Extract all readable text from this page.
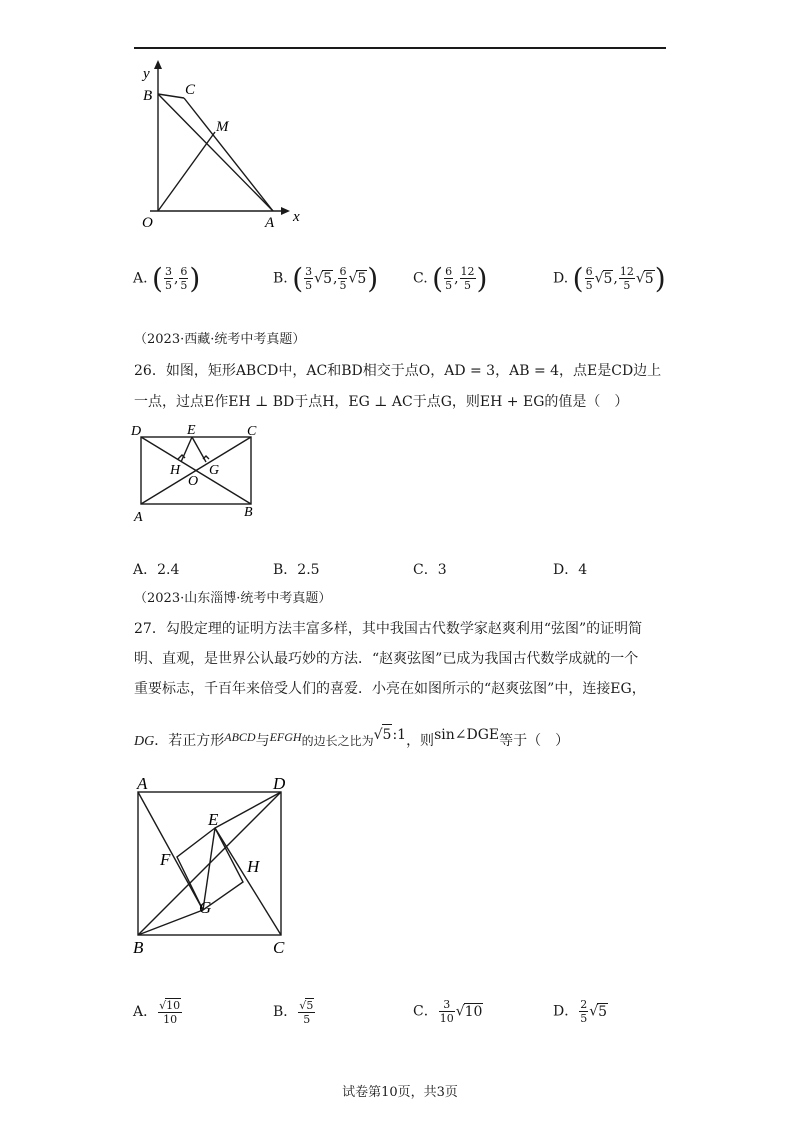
y
x
B C
M
O	A
A. ( $\frac{3}{5}$ , $\frac{6}{5}$ )	B. ( $\frac{3}{5} √5$, $\frac{6}{5} √5$) C. ( $\frac{6}{5}$ , $\frac{12}{5}$ )	D. ( $\frac{6}{5} √5$, $\frac{12}{5} √5$)
（2023·西藏·统考中考真题）
26．如图，矩形ABCD中，AC和BD相交于点O，AD = 3，AB = 4，点E是CD边上
一点，过点E作EH ⊥ BD于点H，EG ⊥ AC于点G，则EH + EG的值是（　）
D	E	C
H G
O
A	B
A．2.4	B．2.5	C．3	D．4
（2023·山东淄博·统考中考真题）
27．勾股定理的证明方法丰富多样，其中我国古代数学家赵爽利用“弦图”的证明简
明、直观，是世界公认最巧妙的方法．“赵爽弦图”已成为我国古代数学成就的一个
重要标志，千百年来倍受人们的喜爱．小亮在如图所示的“赵爽弦图”中，连接EG，
DG．若正方形ABCD与EFGH的边长之比为√5:1，则sin∠DGE等于（　）
A	D
E
F	H
G
B	C
A． $\frac{√10}{10}$	B． $\frac{√5}{5}$	C． $\frac{3}{10} √10$	D． $\frac{2}{5} √5$
试卷第10页，共3页
